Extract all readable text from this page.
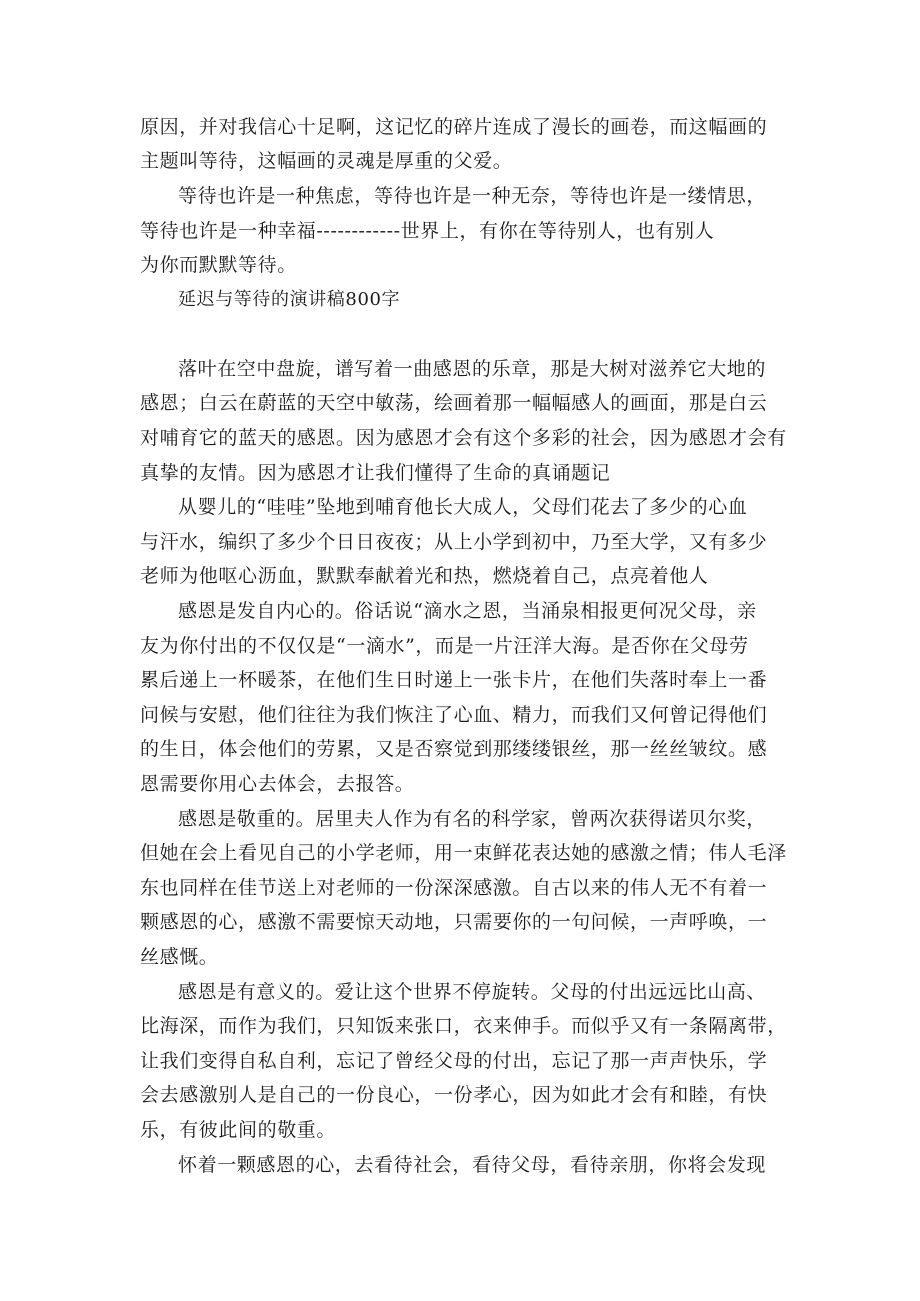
原因，并对我信心十足啊，这记忆的碎片连成了漫长的画卷，而这幅画的
主题叫等待，这幅画的灵魂是厚重的父爱。
等待也许是一种焦虑，等待也许是一种无奈，等待也许是一缕情思，
等待也许是一种幸福------------世界上，有你在等待别人，也有别人
为你而默默等待。
延迟与等待的演讲稿800字
落叶在空中盘旋，谱写着一曲感恩的乐章，那是大树对滋养它大地的
感恩；白云在蔚蓝的天空中敏荡，绘画着那一幅幅感人的画面，那是白云
对哺育它的蓝天的感恩。因为感恩才会有这个多彩的社会，因为感恩才会有
真挚的友情。因为感恩才让我们懂得了生命的真诵题记
从婴儿的“哇哇”坠地到哺育他长大成人，父母们花去了多少的心血
与汗水，编织了多少个日日夜夜；从上小学到初中，乃至大学，又有多少
老师为他呕心沥血，默默奉献着光和热，燃烧着自己，点亮着他人
感恩是发自内心的。俗话说“滴水之恩，当涌泉相报更何况父母，亲
友为你付出的不仅仅是“一滴水”，而是一片汪洋大海。是否你在父母劳
累后递上一杯暖茶，在他们生日时递上一张卡片，在他们失落时奉上一番
问候与安慰，他们往往为我们恢注了心血、精力，而我们又何曾记得他们
的生日，体会他们的劳累，又是否察觉到那缕缕银丝，那一丝丝皱纹。感
恩需要你用心去体会，去报答。
感恩是敬重的。居里夫人作为有名的科学家，曾两次获得诺贝尔奖，
但她在会上看见自己的小学老师，用一束鲜花表达她的感激之情；伟人毛泽
东也同样在佳节送上对老师的一份深深感激。自古以来的伟人无不有着一
颗感恩的心，感激不需要惊天动地，只需要你的一句问候，一声呼唤，一
丝感慨。
感恩是有意义的。爱让这个世界不停旋转。父母的付出远远比山高、
比海深，而作为我们，只知饭来张口，衣来伸手。而似乎又有一条隔离带，
让我们变得自私自利，忘记了曾经父母的付出，忘记了那一声声快乐，学
会去感激别人是自己的一份良心，一份孝心，因为如此才会有和睦，有快
乐，有彼此间的敬重。
怀着一颗感恩的心，去看待社会，看待父母，看待亲朋，你将会发现
